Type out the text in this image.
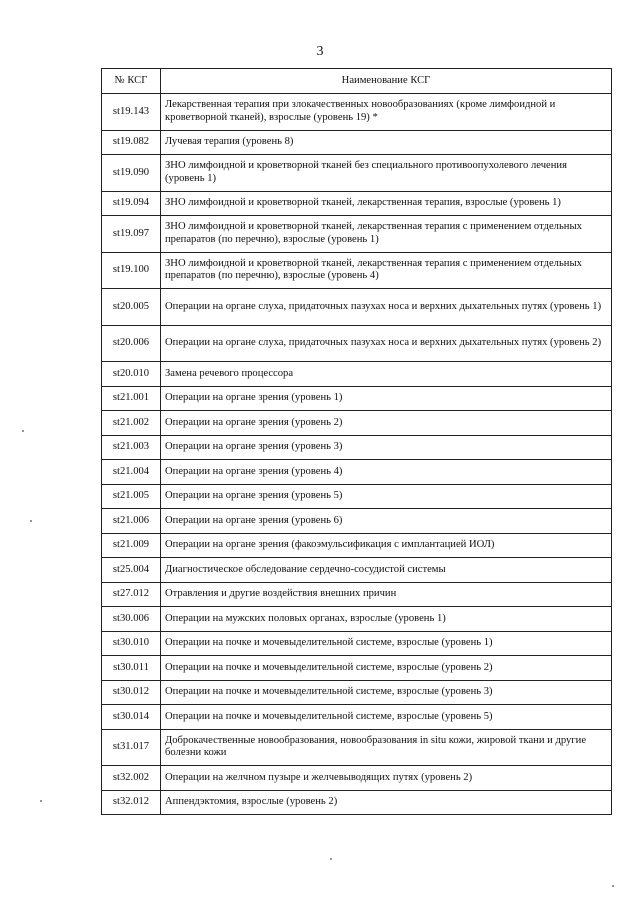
3
№ КСГ	Наименование КСГ
st19.143	Лекарственная терапия при злокачественных новообразованиях (кроме лимфоидной и кроветворной тканей), взрослые (уровень 19) *
st19.082	Лучевая терапия (уровень 8)
st19.090	ЗНО лимфоидной и кроветворной тканей без специального противоопухолевого лечения (уровень 1)
st19.094	ЗНО лимфоидной и кроветворной тканей, лекарственная терапия, взрослые (уровень 1)
st19.097	ЗНО лимфоидной и кроветворной тканей, лекарственная терапия с применением отдельных препаратов (по перечню), взрослые (уровень 1)
st19.100	ЗНО лимфоидной и кроветворной тканей, лекарственная терапия с применением отдельных препаратов (по перечню), взрослые (уровень 4)
st20.005	Операции на органе слуха, придаточных пазухах носа и верхних дыхательных путях (уровень 1)
st20.006	Операции на органе слуха, придаточных пазухах носа и верхних дыхательных путях (уровень 2)
st20.010	Замена речевого процессора
st21.001	Операции на органе зрения (уровень 1)
st21.002	Операции на органе зрения (уровень 2)
st21.003	Операции на органе зрения (уровень 3)
st21.004	Операции на органе зрения (уровень 4)
st21.005	Операции на органе зрения (уровень 5)
st21.006	Операции на органе зрения (уровень 6)
st21.009	Операции на органе зрения (факоэмульсификация с имплантацией ИОЛ)
st25.004	Диагностическое обследование сердечно-сосудистой системы
st27.012	Отравления и другие воздействия внешних причин
st30.006	Операции на мужских половых органах, взрослые (уровень 1)
st30.010	Операции на почке и мочевыделительной системе, взрослые (уровень 1)
st30.011	Операции на почке и мочевыделительной системе, взрослые (уровень 2)
st30.012	Операции на почке и мочевыделительной системе, взрослые (уровень 3)
st30.014	Операции на почке и мочевыделительной системе, взрослые (уровень 5)
st31.017	Доброкачественные новообразования, новообразования in situ кожи, жировой ткани и другие болезни кожи
st32.002	Операции на желчном пузыре и желчевыводящих путях (уровень 2)
st32.012	Аппендэктомия, взрослые (уровень 2)
